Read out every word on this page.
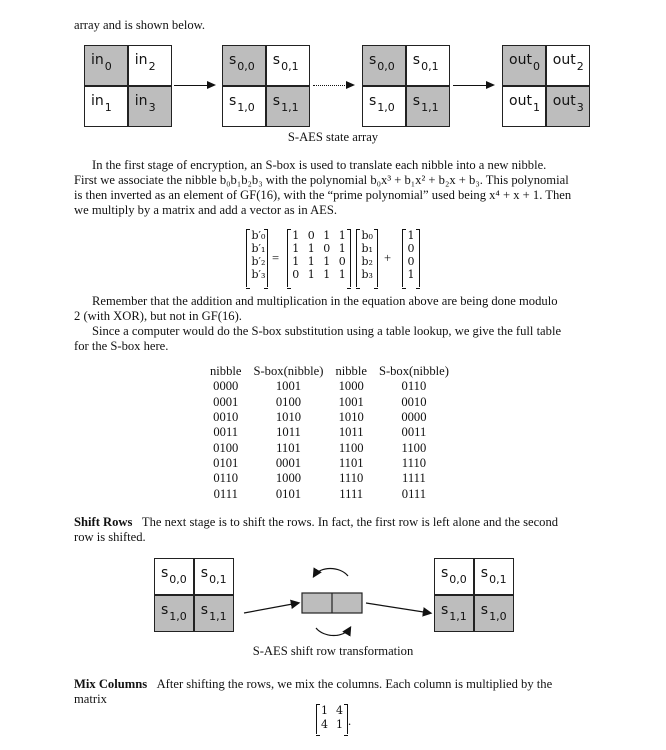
array and is shown below.
$in_0$ $in_2$
$in_1$ $in_3$
$s_{0,0}$ $s_{0,1}$
$s_{1,0}$ $s_{1,1}$
$s_{0,0}$ $s_{0,1}$
$s_{1,0}$ $s_{1,1}$
out$_0$ out$_2$
out$_1$ out$_3$
S-AES state array
In the first stage of encryption, an S-box is used to translate each nibble into a new nibble.
First we associate the nibble b₀b₁b₂b₃ with the polynomial b₀x³ + b₁x² + b₂x + b₃. This polynomial
is then inverted as an element of GF(16), with the “prime polynomial” used being x⁴ + x + 1. Then
we multiply by a matrix and add a vector as in AES.
b′₀
b′₁
b′₂
b′₃
=
1 0 1 1
1 1 0 1
1 1 1 0
0 1 1 1
b₀
b₁
b₂
b₃
+
1
0
0
1
Remember that the addition and multiplication in the equation above are being done modulo
2 (with XOR), but not in GF(16).
Since a computer would do the S-box substitution using a table lookup, we give the full table
for the S-box here.
nibble	S-box(nibble)	nibble	S-box(nibble)
0000	1001	1000	0110
0001	0100	1001	0010
0010	1010	1010	0000
0011	1011	1011	0011
0100	1101	1100	1100
0101	0001	1101	1110
0110	1000	1110	1111
0111	0101	1111	0111
Shift Rows The next stage is to shift the rows. In fact, the first row is left alone and the second
row is shifted.
$s_{0,0}$ $s_{0,1}$
$s_{1,0}$ $s_{1,1}$
$s_{0,0}$ $s_{0,1}$
$s_{1,1}$ $s_{1,0}$
S-AES shift row transformation
Mix Columns After shifting the rows, we mix the columns. Each column is multiplied by the
matrix
1 4
4 1 .
